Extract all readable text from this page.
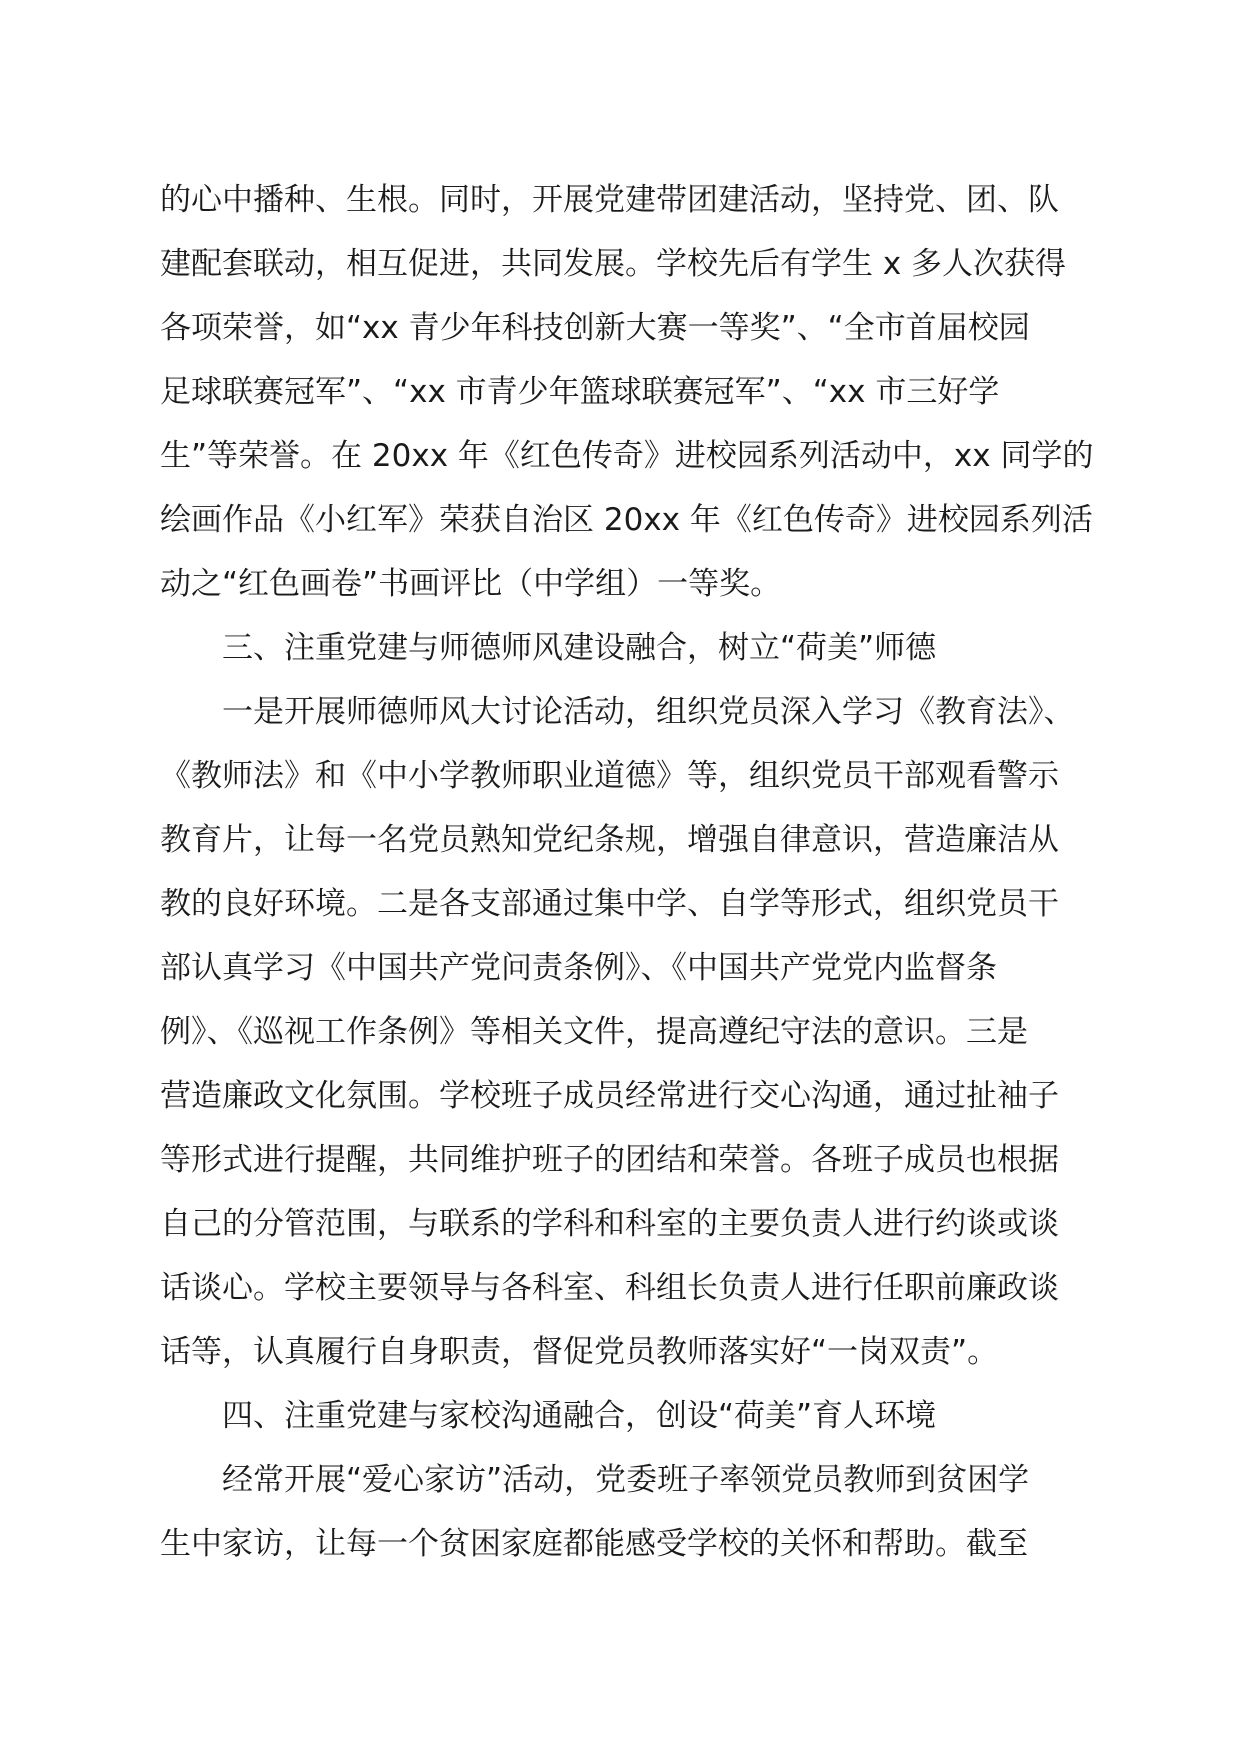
的心中播种、生根。同时，开展党建带团建活动，坚持党、团、队
建配套联动，相互促进，共同发展。学校先后有学生 x 多人次获得
各项荣誉，如“xx 青少年科技创新大赛一等奖”、“全市首届校园
足球联赛冠军”、“xx 市青少年篮球联赛冠军”、“xx 市三好学
生”等荣誉。在 20xx 年《红色传奇》进校园系列活动中，xx 同学的
绘画作品《小红军》荣获自治区 20xx 年《红色传奇》进校园系列活
动之“红色画卷”书画评比（中学组）一等奖。
三、注重党建与师德师风建设融合，树立“荷美”师德
一是开展师德师风大讨论活动，组织党员深入学习《教育法》、
《教师法》和《中小学教师职业道德》等，组织党员干部观看警示
教育片，让每一名党员熟知党纪条规，增强自律意识，营造廉洁从
教的良好环境。二是各支部通过集中学、自学等形式，组织党员干
部认真学习《中国共产党问责条例》、《中国共产党党内监督条
例》、《巡视工作条例》等相关文件，提高遵纪守法的意识。三是
营造廉政文化氛围。学校班子成员经常进行交心沟通，通过扯袖子
等形式进行提醒，共同维护班子的团结和荣誉。各班子成员也根据
自己的分管范围，与联系的学科和科室的主要负责人进行约谈或谈
话谈心。学校主要领导与各科室、科组长负责人进行任职前廉政谈
话等，认真履行自身职责，督促党员教师落实好“一岗双责”。
四、注重党建与家校沟通融合，创设“荷美”育人环境
经常开展“爱心家访”活动，党委班子率领党员教师到贫困学
生中家访，让每一个贫困家庭都能感受学校的关怀和帮助。截至
